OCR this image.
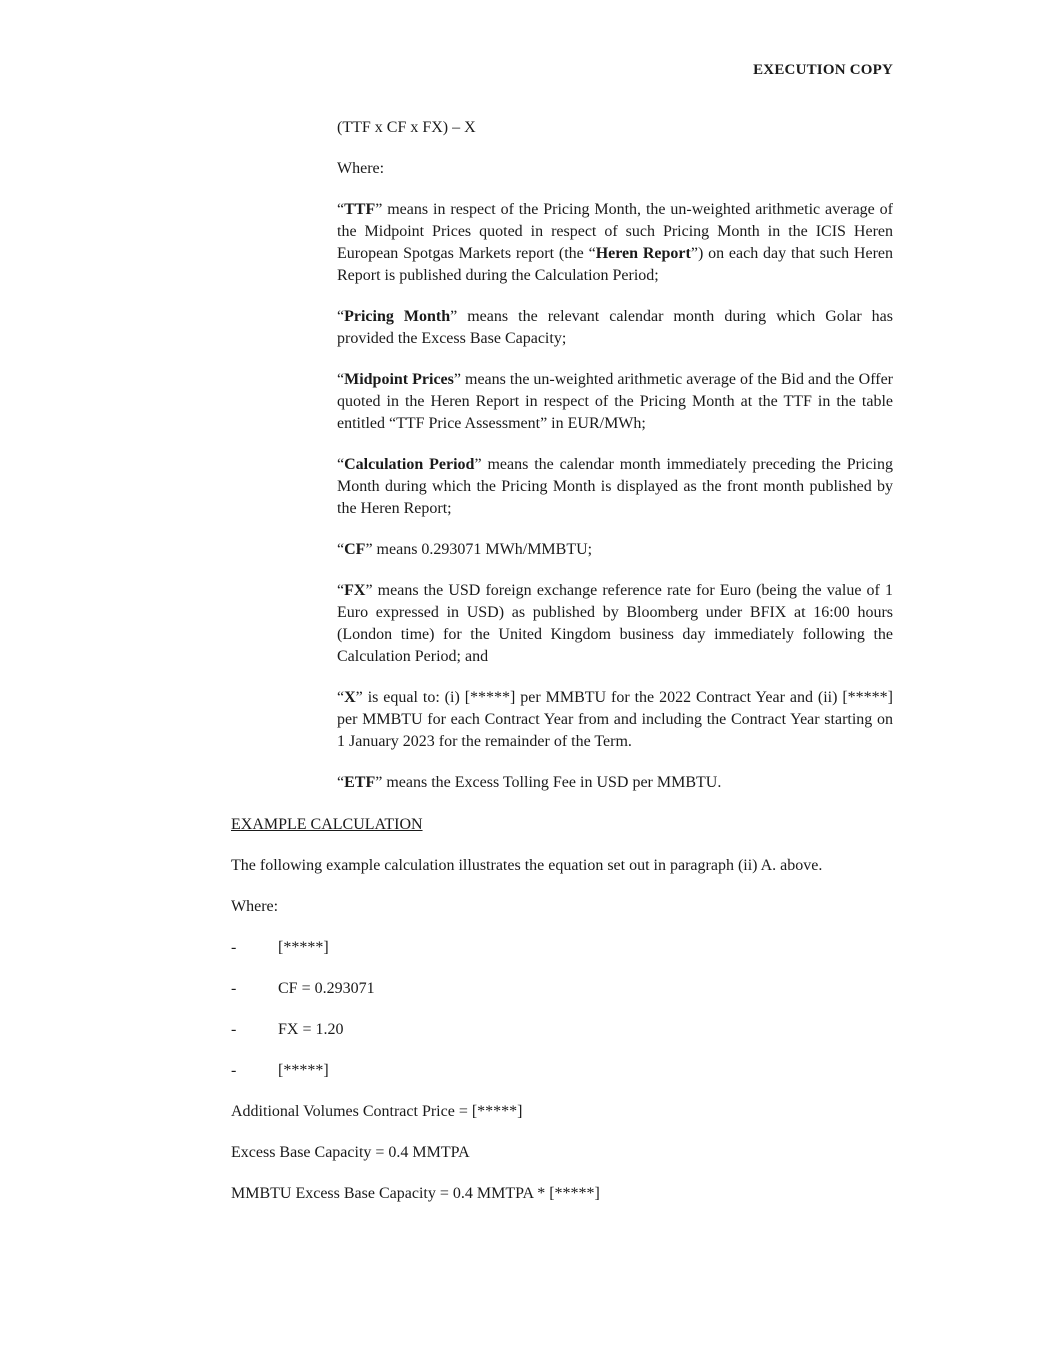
EXECUTION COPY

(TTF x CF x FX) – X

Where:

“TTF” means in respect of the Pricing Month, the un-weighted arithmetic average of the Midpoint Prices quoted in respect of such Pricing Month in the ICIS Heren European Spotgas Markets report (the “Heren Report”) on each day that such Heren Report is published during the Calculation Period;

“Pricing Month” means the relevant calendar month during which Golar has provided the Excess Base Capacity;

“Midpoint Prices” means the un-weighted arithmetic average of the Bid and the Offer quoted in the Heren Report in respect of the Pricing Month at the TTF in the table entitled “TTF Price Assessment” in EUR/MWh;

“Calculation Period” means the calendar month immediately preceding the Pricing Month during which the Pricing Month is displayed as the front month published by the Heren Report;

“CF” means 0.293071 MWh/MMBTU;

“FX” means the USD foreign exchange reference rate for Euro (being the value of 1 Euro expressed in USD) as published by Bloomberg under BFIX at 16:00 hours (London time) for the United Kingdom business day immediately following the Calculation Period; and

“X” is equal to: (i) [*****] per MMBTU for the 2022 Contract Year and (ii) [*****] per MMBTU for each Contract Year from and including the Contract Year starting on 1 January 2023 for the remainder of the Term.

“ETF” means the Excess Tolling Fee in USD per MMBTU.

EXAMPLE CALCULATION

The following example calculation illustrates the equation set out in paragraph (ii) A. above.

Where:

-	[*****]
-	CF = 0.293071
-	FX = 1.20
-	[*****]

Additional Volumes Contract Price = [*****]

Excess Base Capacity = 0.4 MMTPA

MMBTU Excess Base Capacity = 0.4 MMTPA * [*****]
